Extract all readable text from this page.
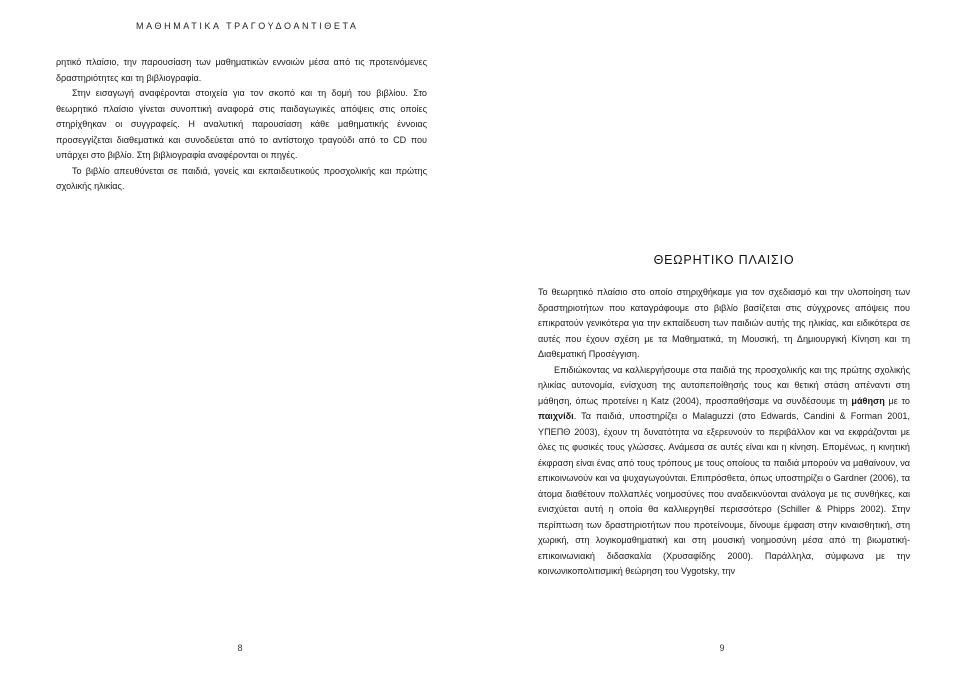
ΜΑΘΗΜΑΤΙΚΑ ΤΡΑΓΟΥΔΟΑΝΤΙΘΕΤΑ

ρητικό πλαίσιο, την παρουσίαση των μαθηματικών εννοιών μέσα από τις προτεινόμενες δραστηριότητες και τη βιβλιογραφία.

Στην εισαγωγή αναφέρονται στοιχεία για τον σκοπό και τη δομή του βιβλίου. Στο θεωρητικό πλαίσιο γίνεται συνοπτική αναφορά στις παιδαγωγικές απόψεις στις οποίες στηρίχθηκαν οι συγγραφείς. Η αναλυτική παρουσίαση κάθε μαθηματικής έννοιας προσεγγίζεται διαθεματικά και συνοδεύεται από το αντίστοιχο τραγούδι από το CD που υπάρχει στο βιβλίο. Στη βιβλιογραφία αναφέρονται οι πηγές.

Το βιβλίο απευθύνεται σε παιδιά, γονείς και εκπαιδευτικούς προσχολικής και πρώτης σχολικής ηλικίας.

8
ΘΕΩΡΗΤΙΚΟ ΠΛΑΙΣΙΟ

Το θεωρητικό πλαίσιο στο οποίο στηριχθήκαμε για τον σχεδιασμό και την υλοποίηση των δραστηριοτήτων που καταγράφουμε στο βιβλίο βασίζεται στις σύγχρονες απόψεις που επικρατούν γενικότερα για την εκπαίδευση των παιδιών αυτής της ηλικίας, και ειδικότερα σε αυτές που έχουν σχέση με τα Μαθηματικά, τη Μουσική, τη Δημιουργική Κίνηση και τη Διαθεματική Προσέγγιση.

Επιδιώκοντας να καλλιεργήσουμε στα παιδιά της προσχολικής και της πρώτης σχολικής ηλικίας αυτονομία, ενίσχυση της αυτοπεποίθησής τους και θετική στάση απέναντι στη μάθηση, όπως προτείνει η Katz (2004), προσπαθήσαμε να συνδέσουμε τη μάθηση με το παιχνίδι. Τα παιδιά, υποστηρίζει ο Malaguzzi (στο Edwards, Candini & Forman 2001, ΥΠΕΠΘ 2003), έχουν τη δυνατότητα να εξερευνούν το περιβάλλον και να εκφράζονται με όλες τις φυσικές τους γλώσσες. Ανάμεσα σε αυτές είναι και η κίνηση. Επομένως, η κινητική έκφραση είναι ένας από τους τρόπους με τους οποίους τα παιδιά μπορούν να μαθαίνουν, να επικοινωνούν και να ψυχαγωγούνται. Επιπρόσθετα, όπως υποστηρίζει ο Gardner (2006), τα άτομα διαθέτουν πολλαπλές νοημοσύνες που αναδεικνύονται ανάλογα με τις συνθήκες, και ενισχύεται αυτή η οποία θα καλλιεργηθεί περισσότερο (Schiller & Phipps 2002). Στην περίπτωση των δραστηριοτήτων που προτείνουμε, δίνουμε έμφαση στην κιναισθητική, στη χωρική, στη λογικομαθηματική και στη μουσική νοημοσύνη μέσα από τη βιωματική-επικοινωνιακή διδασκαλία (Χρυσαφίδης 2000). Παράλληλα, σύμφωνα με την κοινωνικοπολιτισμική θεώρηση του Vygotsky, την

9
